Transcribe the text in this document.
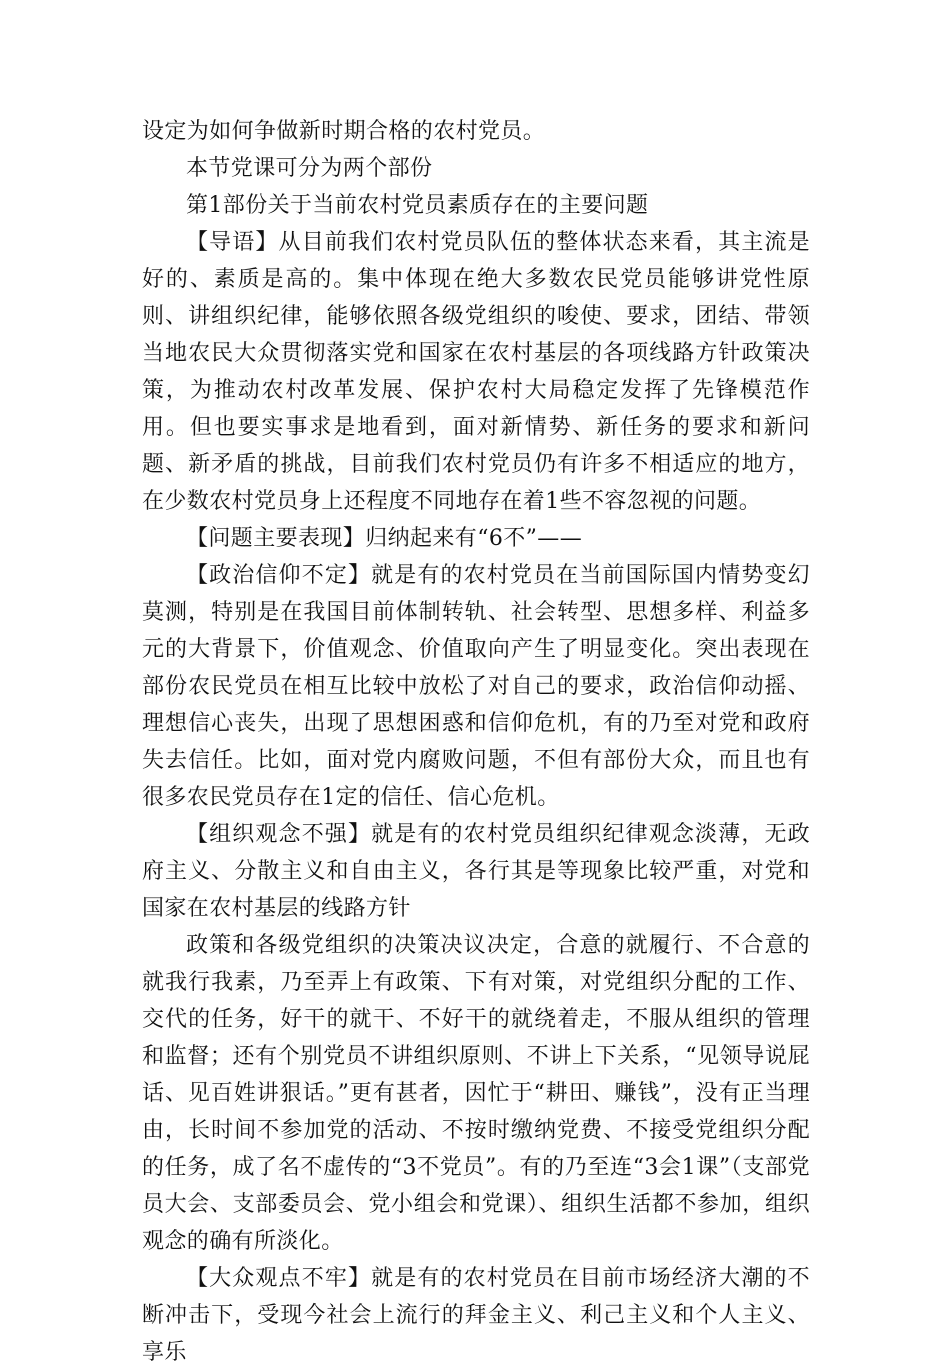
设定为如何争做新时期合格的农村党员。

本节党课可分为两个部份

第1部份关于当前农村党员素质存在的主要问题

【导语】从目前我们农村党员队伍的整体状态来看，其主流是好的、素质是高的。集中体现在绝大多数农民党员能够讲党性原则、讲组织纪律，能够依照各级党组织的唆使、要求，团结、带领当地农民大众贯彻落实党和国家在农村基层的各项线路方针政策决策，为推动农村改革发展、保护农村大局稳定发挥了先锋模范作用。但也要实事求是地看到，面对新情势、新任务的要求和新问题、新矛盾的挑战，目前我们农村党员仍有许多不相适应的地方，在少数农村党员身上还程度不同地存在着1些不容忽视的问题。

【问题主要表现】归纳起来有“6不”——

【政治信仰不定】就是有的农村党员在当前国际国内情势变幻莫测，特别是在我国目前体制转轨、社会转型、思想多样、利益多元的大背景下，价值观念、价值取向产生了明显变化。突出表现在部份农民党员在相互比较中放松了对自己的要求，政治信仰动摇、理想信心丧失，出现了思想困惑和信仰危机，有的乃至对党和政府失去信任。比如，面对党内腐败问题，不但有部份大众，而且也有很多农民党员存在1定的信任、信心危机。

【组织观念不强】就是有的农村党员组织纪律观念淡薄，无政府主义、分散主义和自由主义，各行其是等现象比较严重，对党和国家在农村基层的线路方针

政策和各级党组织的决策决议决定，合意的就履行、不合意的就我行我素，乃至弄上有政策、下有对策，对党组织分配的工作、交代的任务，好干的就干、不好干的就绕着走，不服从组织的管理和监督；还有个别党员不讲组织原则、不讲上下关系，“见领导说屁话、见百姓讲狠话。”更有甚者，因忙于“耕田、赚钱”，没有正当理由，长时间不参加党的活动、不按时缴纳党费、不接受党组织分配的任务，成了名不虚传的“3不党员”。有的乃至连“3会1课”（支部党员大会、支部委员会、党小组会和党课）、组织生活都不参加，组织观念的确有所淡化。

【大众观点不牢】就是有的农村党员在目前市场经济大潮的不断冲击下，受现今社会上流行的拜金主义、利己主义和个人主义、享乐
